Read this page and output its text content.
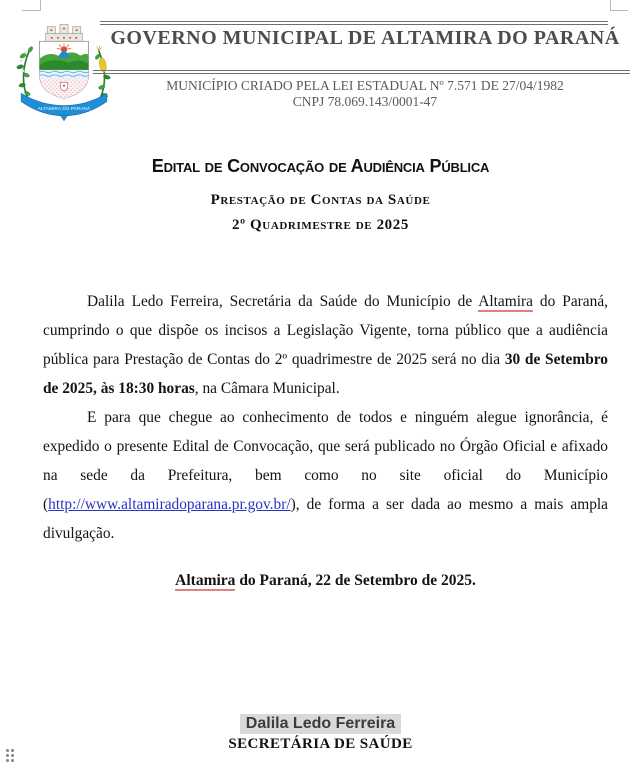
ALTAMIRA DO PARANÁ
GOVERNO MUNICIPAL DE ALTAMIRA DO PARANÁ
MUNICÍPIO CRIADO PELA LEI ESTADUAL Nº 7.571 DE 27/04/1982
CNPJ 78.069.143/0001-47
Edital de Convocação de Audiência Pública
Prestação de Contas da Saúde
2º Quadrimestre de 2025

Dalila Ledo Ferreira, Secretária da Saúde do Município de Altamira do Paraná, cumprindo o que dispõe os incisos a Legislação Vigente, torna público que a audiência pública para Prestação de Contas do 2º quadrimestre de 2025 será no dia 30 de Setembro de 2025, às 18:30 horas, na Câmara Municipal.

E para que chegue ao conhecimento de todos e ninguém alegue ignorância, é expedido o presente Edital de Convocação, que será publicado no Órgão Oficial e afixado na sede da Prefeitura, bem como no site oficial do Município (http://www.altamiradoparana.pr.gov.br/), de forma a ser dada ao mesmo a mais ampla divulgação.

Altamira do Paraná, 22 de Setembro de 2025.
Dalila Ledo Ferreira
SECRETÁRIA DE SAÚDE
